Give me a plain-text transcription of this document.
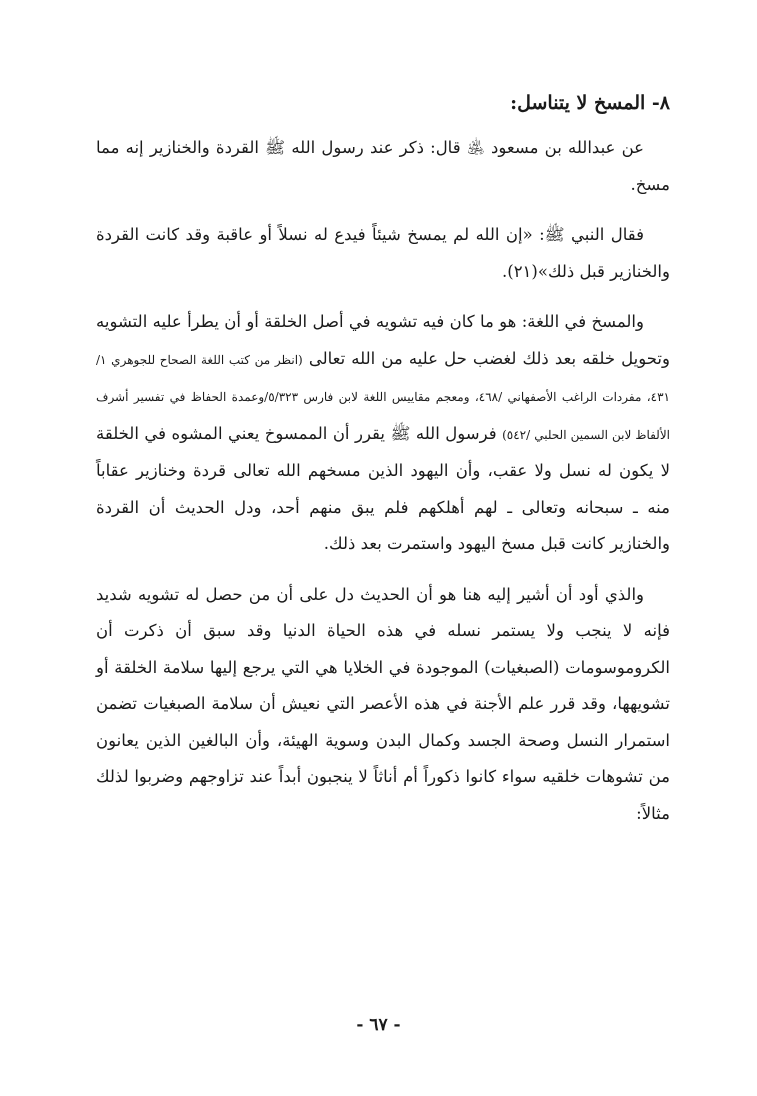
٨- المسخ لا يتناسل:

عن عبدالله بن مسعود ﵁ قال: ذكر عند رسول الله ﷺ القردة والخنازير إنه مما مسخ.

فقال النبي ﷺ: «إن الله لم يمسخ شيئاً فيدع له نسلاً أو عاقبة وقد كانت القردة والخنازير قبل ذلك»(٢١).

والمسخ في اللغة: هو ما كان فيه تشويه في أصل الخلقة أو أن يطرأ عليه التشويه وتحويل خلقه بعد ذلك لغضب حل عليه من الله تعالى (انظر من كتب اللغة الصحاح للجوهري ١/ ٤٣١، مفردات الراغب الأصفهاني /٤٦٨، ومعجم مقاييس اللغة لابن فارس ٥/٣٢٣/وعمدة الحفاظ في تفسير أشرف الألفاظ لابن السمين الحلبي /٥٤٢) فرسول الله ﷺ يقرر أن الممسوخ يعني المشوه في الخلقة لا يكون له نسل ولا عقب، وأن اليهود الذين مسخهم الله تعالى قردة وخنازير عقاباً منه ـ سبحانه وتعالى ـ لهم أهلكهم فلم يبق منهم أحد، ودل الحديث أن القردة والخنازير كانت قبل مسخ اليهود واستمرت بعد ذلك.

والذي أود أن أشير إليه هنا هو أن الحديث دل على أن من حصل له تشويه شديد فإنه لا ينجب ولا يستمر نسله في هذه الحياة الدنيا وقد سبق أن ذكرت أن الكروموسومات (الصبغيات) الموجودة في الخلايا هي التي يرجع إليها سلامة الخلقة أو تشويهها، وقد قرر علم الأجنة في هذه الأعصر التي نعيش أن سلامة الصبغيات تضمن استمرار النسل وصحة الجسد وكمال البدن وسوية الهيئة، وأن البالغين الذين يعانون من تشوهات خلقيه سواء كانوا ذكوراً أم أناثاً لا ينجبون أبداً عند تزاوجهم وضربوا لذلك مثالاً:

- ٦٧ -
